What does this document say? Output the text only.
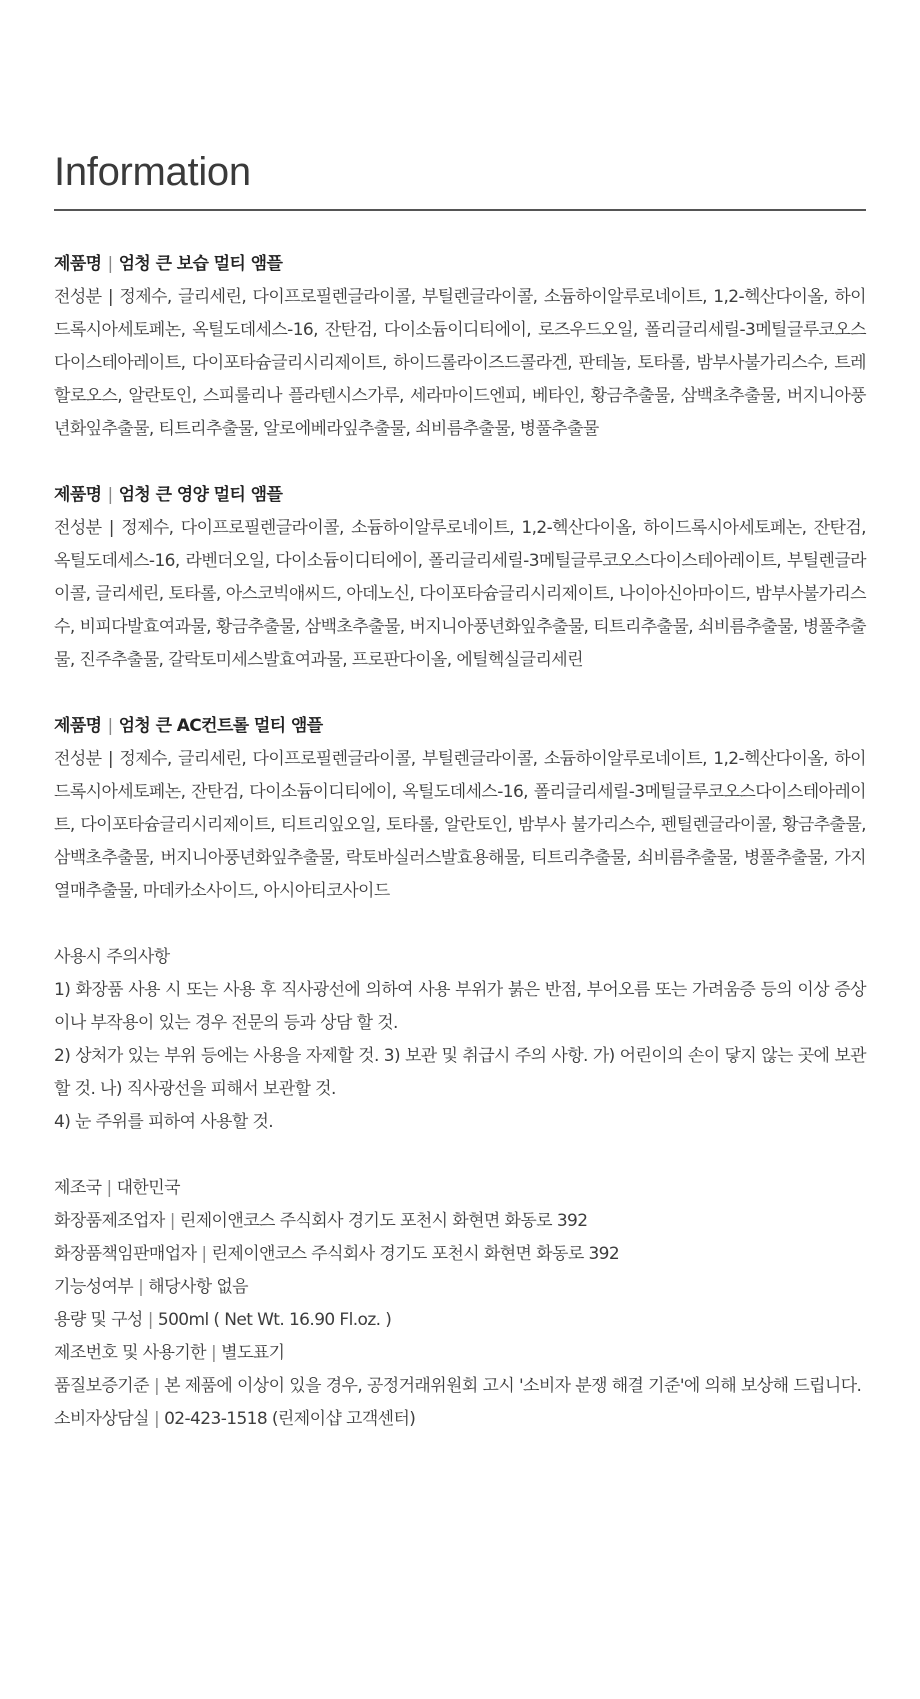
Information
제품명 | 엄청 큰 보습 멀티 앰플
전성분 | 정제수, 글리세린, 다이프로필렌글라이콜, 부틸렌글라이콜, 소듐하이알루로네이트, 1,2-헥산다이올, 하이드록시아세토페논, 옥틸도데세스-16, 잔탄검, 다이소듐이디티에이, 로즈우드오일, 폴리글리세릴-3메틸글루코오스다이스테아레이트, 다이포타슘글리시리제이트, 하이드롤라이즈드콜라겐, 판테놀, 토타롤, 밤부사불가리스수, 트레할로오스, 알란토인, 스피룰리나 플라텐시스가루, 세라마이드엔피, 베타인, 황금추출물, 삼백초추출물, 버지니아풍년화잎추출물, 티트리추출물, 알로에베라잎추출물, 쇠비름추출물, 병풀추출물
제품명 | 엄청 큰 영양 멀티 앰플
전성분 | 정제수, 다이프로필렌글라이콜, 소듐하이알루로네이트, 1,2-헥산다이올, 하이드록시아세토페논, 잔탄검, 옥틸도데세스-16, 라벤더오일, 다이소듐이디티에이, 폴리글리세릴-3메틸글루코오스다이스테아레이트, 부틸렌글라이콜, 글리세린, 토타롤, 아스코빅애씨드, 아데노신, 다이포타슘글리시리제이트, 나이아신아마이드, 밤부사불가리스수, 비피다발효여과물, 황금추출물, 삼백초추출물, 버지니아풍년화잎추출물, 티트리추출물, 쇠비름추출물, 병풀추출물, 진주추출물, 갈락토미세스발효여과물, 프로판다이올, 에틸헥실글리세린
제품명 | 엄청 큰 AC컨트롤 멀티 앰플
전성분 | 정제수, 글리세린, 다이프로필렌글라이콜, 부틸렌글라이콜, 소듐하이알루로네이트, 1,2-헥산다이올, 하이드록시아세토페논, 잔탄검, 다이소듐이디티에이, 옥틸도데세스-16, 폴리글리세릴-3메틸글루코오스다이스테아레이트, 다이포타슘글리시리제이트, 티트리잎오일, 토타롤, 알란토인, 밤부사 불가리스수, 펜틸렌글라이콜, 황금추출물, 삼백초추출물, 버지니아풍년화잎추출물, 락토바실러스발효용해물, 티트리추출물, 쇠비름추출물, 병풀추출물, 가지열매추출물, 마데카소사이드, 아시아티코사이드

사용시 주의사항

1) 화장품 사용 시 또는 사용 후 직사광선에 의하여 사용 부위가 붉은 반점, 부어오름 또는 가려움증 등의 이상 증상이나 부작용이 있는 경우 전문의 등과 상담 할 것.

2) 상처가 있는 부위 등에는 사용을 자제할 것. 3) 보관 및 취급시 주의 사항. 가) 어린이의 손이 닿지 않는 곳에 보관할 것. 나) 직사광선을 피해서 보관할 것.

4) 눈 주위를 피하여 사용할 것.

제조국 | 대한민국

화장품제조업자 | 린제이앤코스 주식회사 경기도 포천시 화현면 화동로 392

화장품책임판매업자 | 린제이앤코스 주식회사 경기도 포천시 화현면 화동로 392

기능성여부 | 해당사항 없음

용량 및 구성 | 500ml ( Net Wt. 16.90 Fl.oz. )

제조번호 및 사용기한 | 별도표기

품질보증기준 | 본 제품에 이상이 있을 경우, 공정거래위원회 고시 '소비자 분쟁 해결 기준'에 의해 보상해 드립니다.

소비자상담실 | 02-423-1518 (린제이샵 고객센터)
